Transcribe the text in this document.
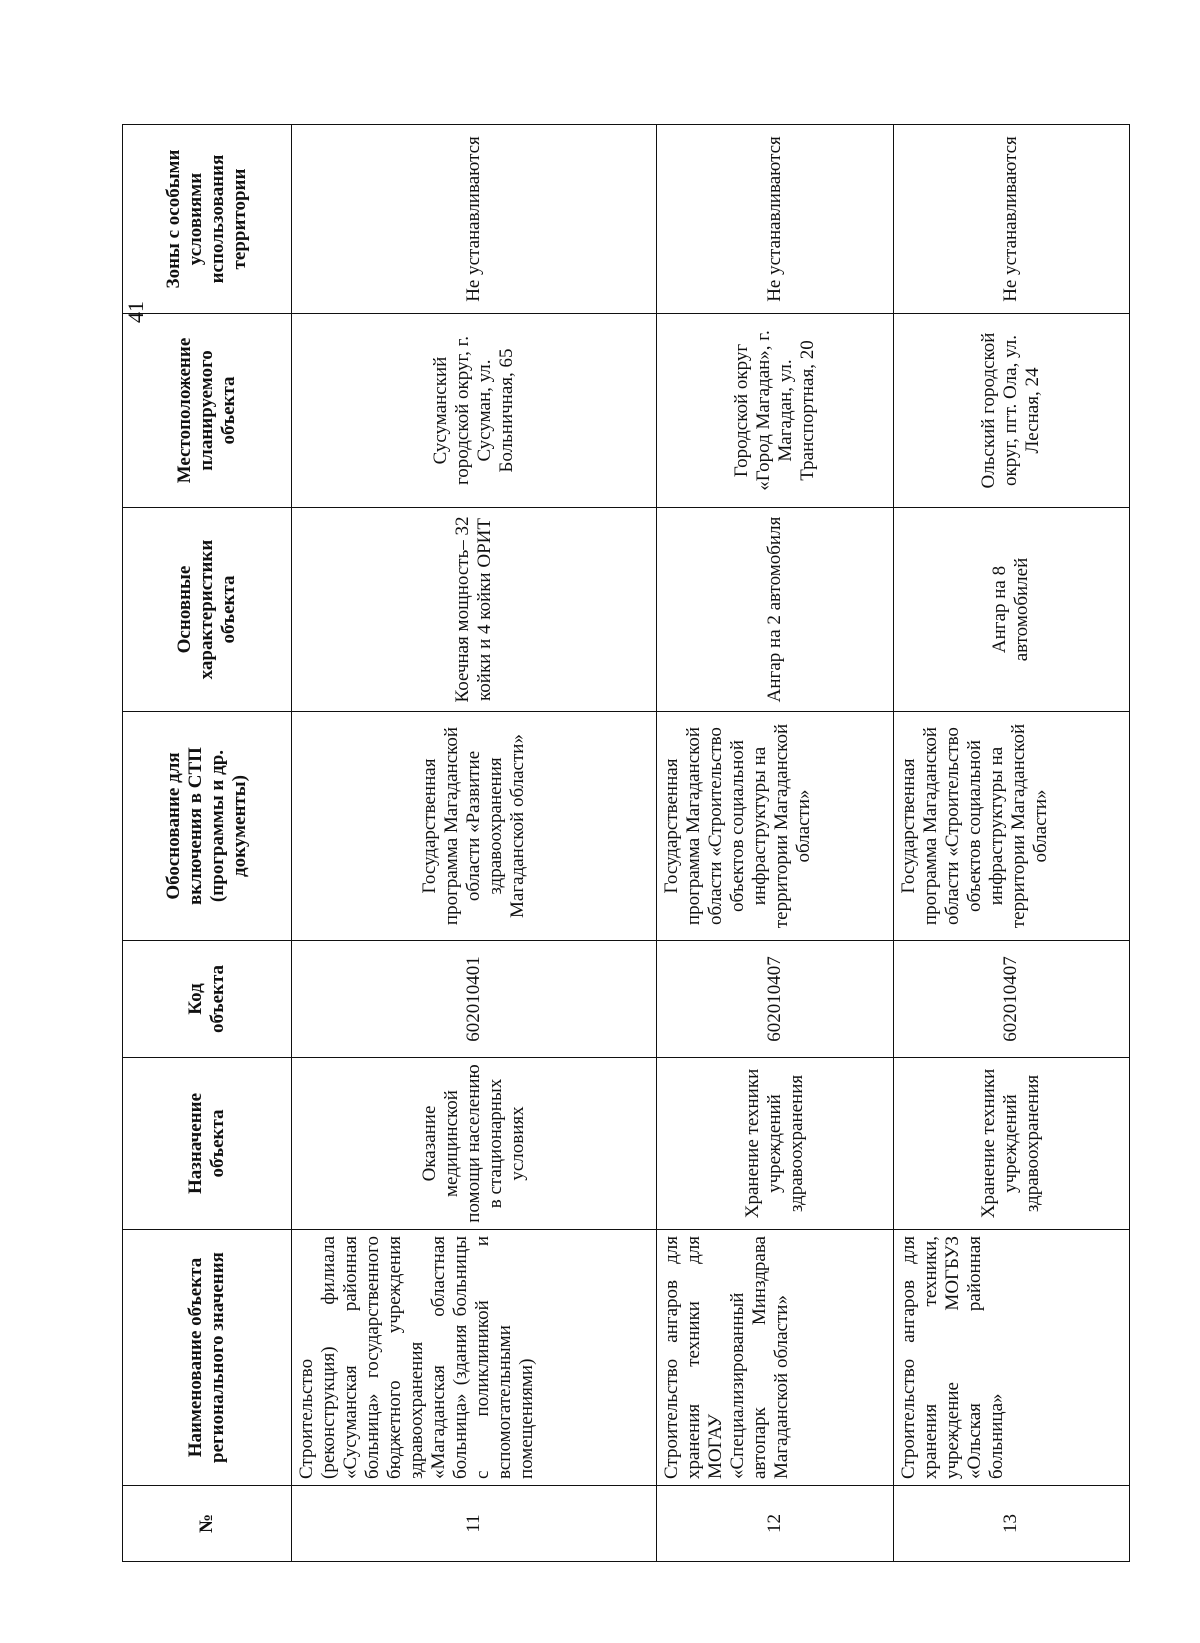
41
№	Наименование объекта регионального значения	Назначение объекта	Код объекта	Обоснование для включения в СТП (программы и др. документы)	Основные характеристики объекта	Местоположение планируемого объекта	Зоны с особыми условиями использования территории
11	Строительство (реконструкция) филиала «Сусуманская районная больница» государственного бюджетного учреждения здравоохранения «Магаданская областная больница» (здания больницы с поликлиникой и вспомогательными помещениями)	Оказание медицинской помощи населению в стационарных условиях	602010401	Государственная программа Магаданской области «Развитие здравоохранения Магаданской области»	Коечная мощность– 32 койки и 4 койки ОРИТ	Сусуманский городской округ, г. Сусуман, ул. Больничная, 65	Не устанавливаются
12	Строительство ангаров для хранения техники для МОГАУ «Специализированный автопарк Минздрава Магаданской области»	Хранение техники учреждений здравоохранения	602010407	Государственная программа Магаданской области «Строительство объектов социальной инфраструктуры на территории Магаданской области»	Ангар на 2 автомобиля	Городской округ «Город Магадан», г. Магадан, ул. Транспортная, 20	Не устанавливаются
13	Строительство ангаров для хранения техники, учреждение МОГБУЗ «Ольская районная больница»	Хранение техники учреждений здравоохранения	602010407	Государственная программа Магаданской области «Строительство объектов социальной инфраструктуры на территории Магаданской области»	Ангар на 8 автомобилей	Ольский городской округ, пгт. Ола, ул. Лесная, 24	Не устанавливаются
